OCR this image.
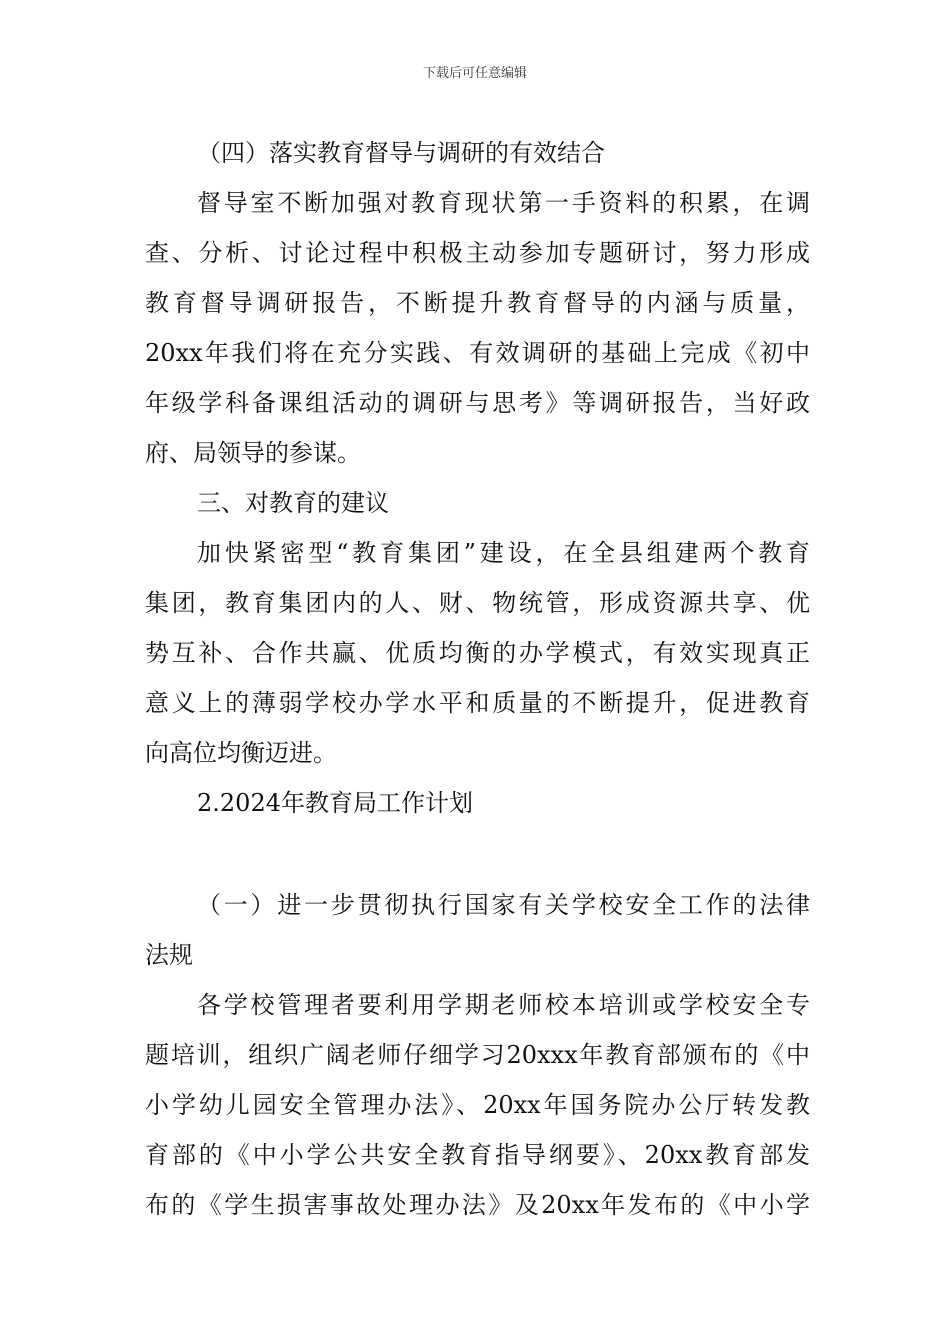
下载后可任意编辑
（四）落实教育督导与调研的有效结合
督导室不断加强对教育现状第一手资料的积累，在调
查、分析、讨论过程中积极主动参加专题研讨，努力形成
教育督导调研报告，不断提升教育督导的内涵与质量，
20xx年我们将在充分实践、有效调研的基础上完成《初中
年级学科备课组活动的调研与思考》等调研报告，当好政
府、局领导的参谋。
三、对教育的建议
加快紧密型“教育集团”建设，在全县组建两个教育
集团，教育集团内的人、财、物统管，形成资源共享、优
势互补、合作共赢、优质均衡的办学模式，有效实现真正
意义上的薄弱学校办学水平和质量的不断提升，促进教育
向高位均衡迈进。
2.2024年教育局工作计划
（一）进一步贯彻执行国家有关学校安全工作的法律
法规
各学校管理者要利用学期老师校本培训或学校安全专
题培训，组织广阔老师仔细学习20xxx年教育部颁布的《中
小学幼儿园安全管理办法》、20xx年国务院办公厅转发教
育部的《中小学公共安全教育指导纲要》、20xx教育部发
布的《学生损害事故处理办法》及20xx年发布的《中小学
